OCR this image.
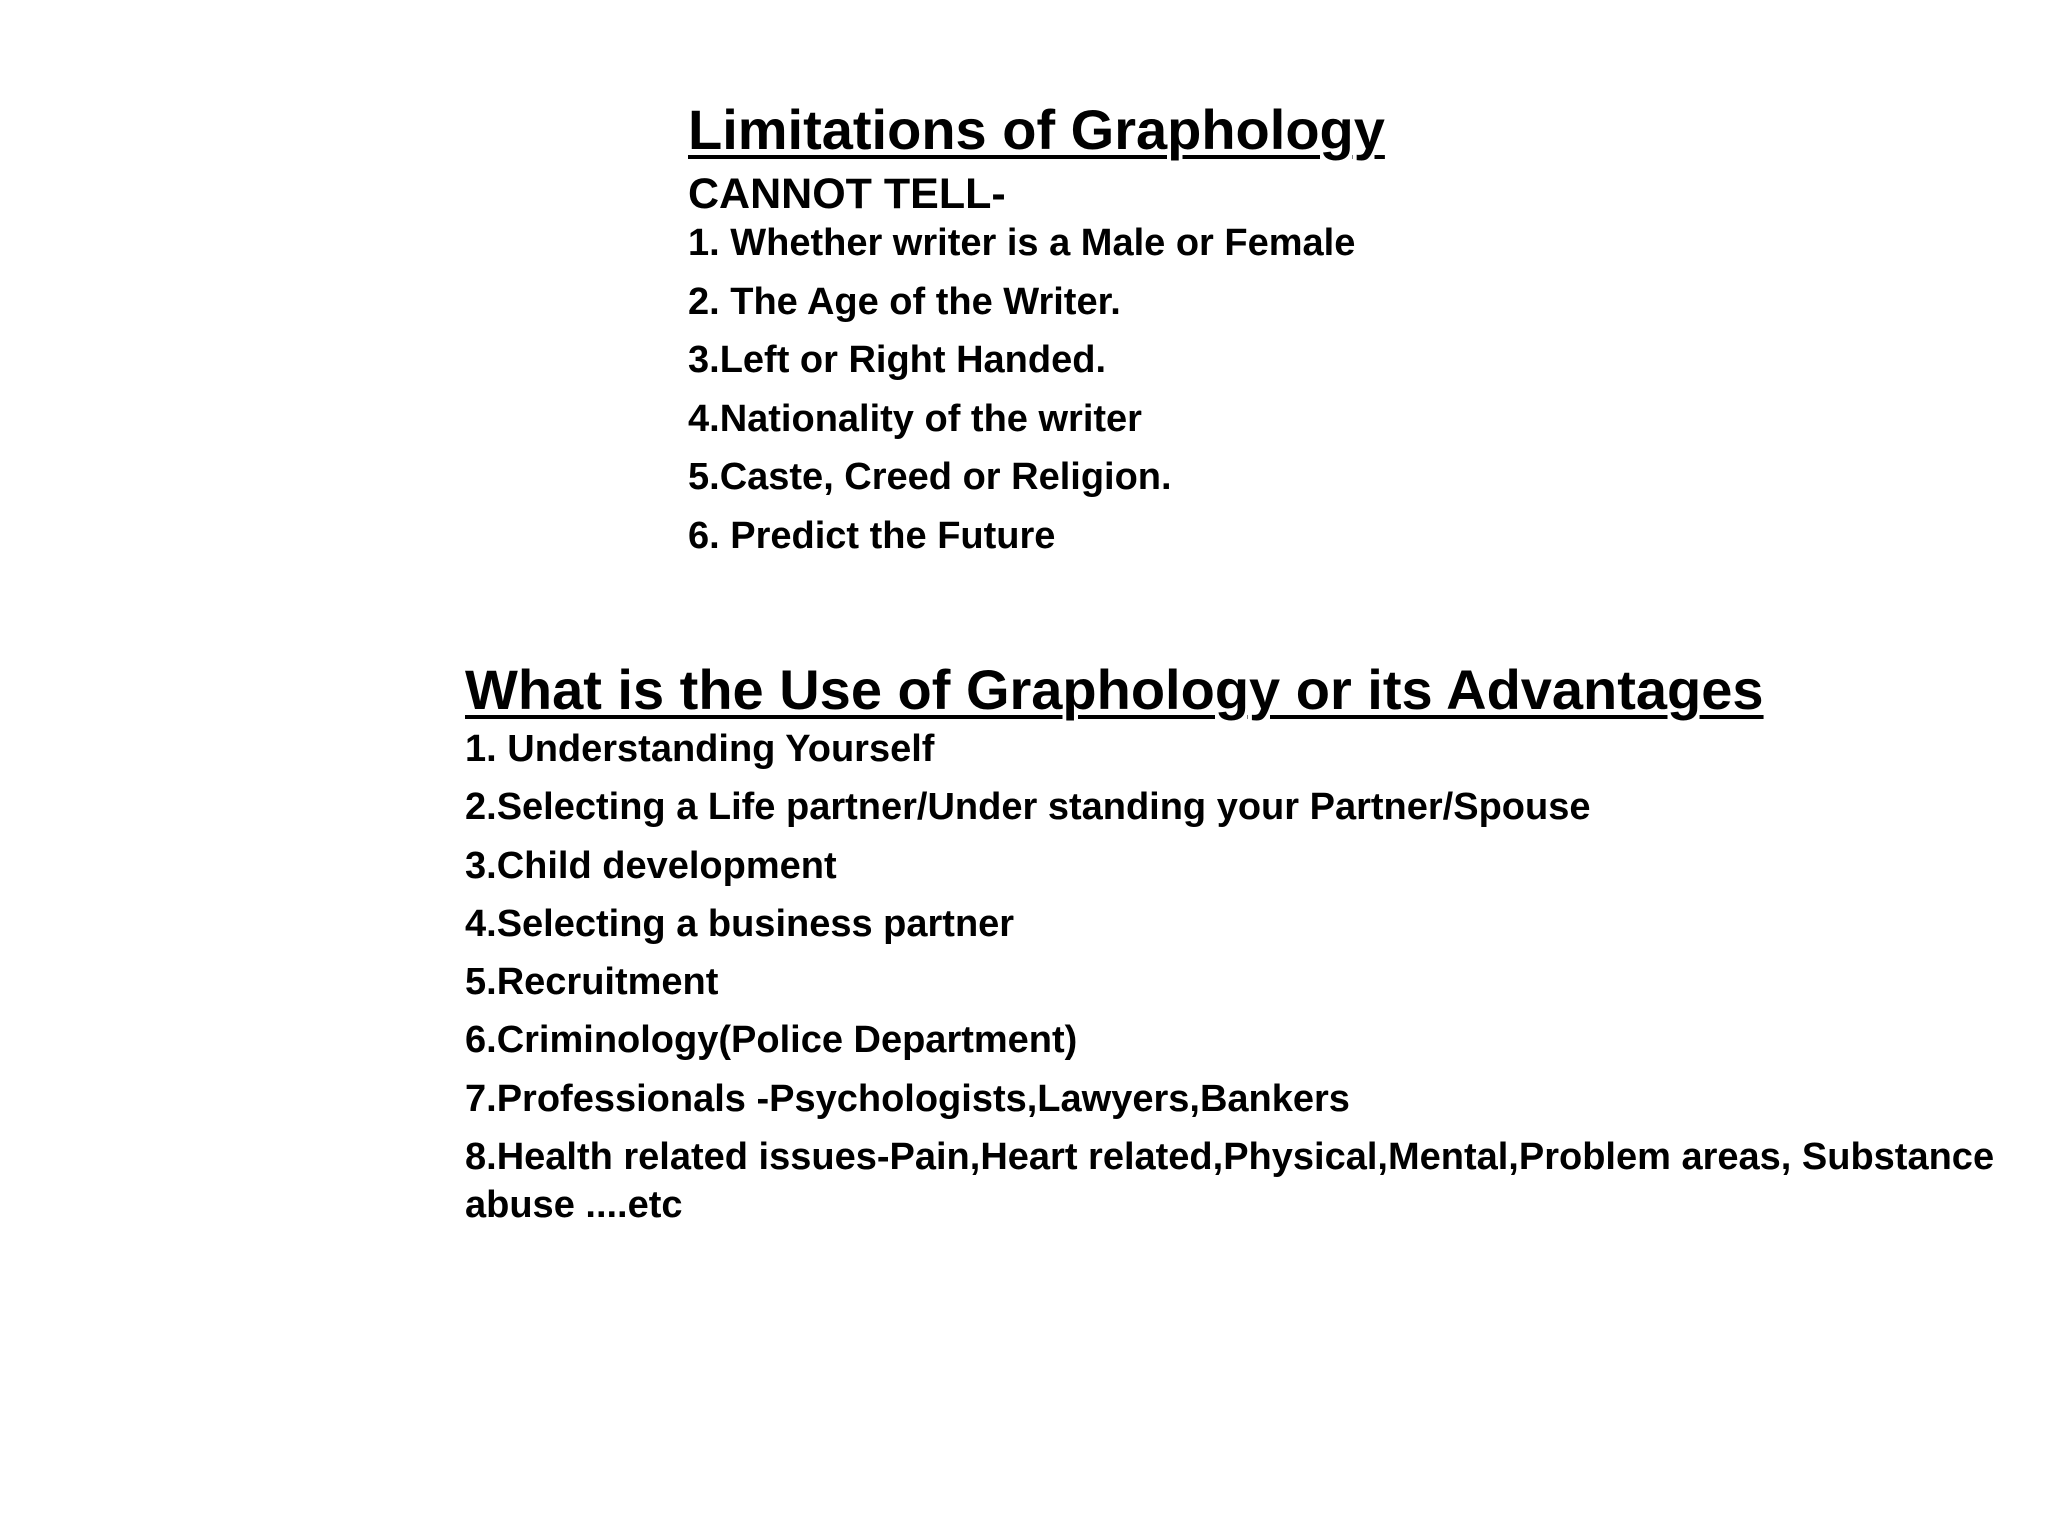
Limitations of Graphology
CANNOT TELL-
1. Whether writer is a Male or Female
2. The Age of the Writer.
3.Left or Right Handed.
4.Nationality of the writer
5.Caste, Creed or Religion.
6. Predict the Future
What is the Use of Graphology or its Advantages
1. Understanding Yourself
2.Selecting a Life partner/Under standing your Partner/Spouse
3.Child development
4.Selecting a business partner
5.Recruitment
6.Criminology(Police Department)
7.Professionals -Psychologists,Lawyers,Bankers
8.Health related issues-Pain,Heart related,Physical,Mental,Problem areas, Substance abuse ....etc
